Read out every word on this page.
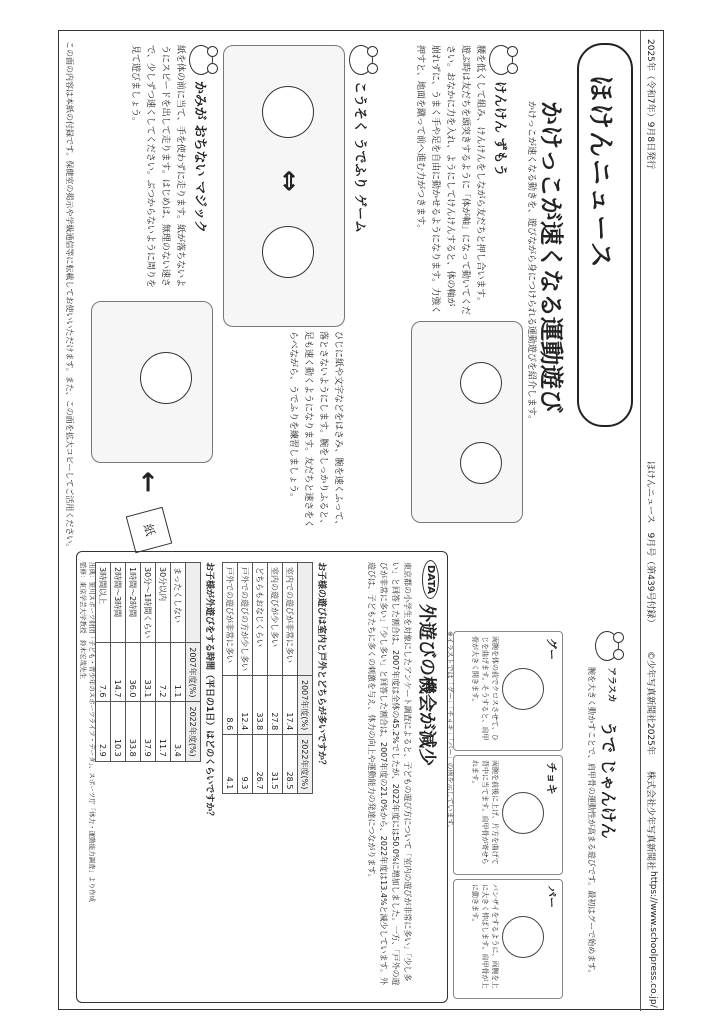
2025年（令和7年）9月8日発行
ほけんニュース　9月号（第439号付録）
©少年写真新聞社2025年
株式会社少年写真新聞社
https://www.schoolpress.co.jp/
ほけんニュース
かけっこが速くなる運動遊び
かけっこが速くなる動きを、遊びながら身につけられる運動遊びを紹介します。
けんけん ずもう
腰を低くして組み、けんけんをしながら友だちと押し合います。
遊ぶ時は友だちを頭突きするように「体が軸」になって動いてください。おなかに力を入れ、ようにしてけんけんすると、体の軸が崩れずに、うまく手や足を自由に動かせるようになります。力強く押すと、地面を蹴って前へ進む力がつきます。
こうそく うでふり ゲーム
⇔
ひじに紙や文字などをはさみ、腕を速くふって、落とさないようにします。腕をしっかりふると、足も速く動くようになります。友だちと速さをくらべながら、うでふりを練習しましょう。
かみが おちない マジック
紙を体の前に当て、手を使わずに走ります。紙が落ちないようにスピードを出して走ります。はじめは、無理のない速さで、少しずつ速くしてください。ぶつからないように周りを見て遊びましょう。
←
紙
アラスカ
うで じゃんけん
腕を大きく動かすことで、肩甲骨の運動性が高まる遊びです。最初はグーで始めます。
グー
両腕を体の前でクロスさせて、ひじを曲げます。そうすると、肩甲骨が大きく開きます。
チョキ
両腕を前後に上げ、片方を曲げて背中に当てます。肩甲骨が寄せられます。
パー
バンザイをするように、両腕を上に大きく伸ばします。肩甲骨が上に動きます。
※イラストでは「グー」「チョキ」「パー」の例を示しています。
DATA
外遊びの機会が減少
東京都の小学生を対象にしたアンケート調査によると、子どもの遊び方について「室内の遊びが非常に多い」「少し多い」と回答した割合は、2007年度は全体の45.2%でしたが、2022年度には50.0%に増加しました。一方、「戸外の遊びが非常に多い」「少し多い」と回答した割合は、2007年度の21.0%から、2022年度は13.4%と減少しています。外遊びは、子どもたちに多くの刺激を与え、体力の向上や運動能力の発達につながります。
お子様の遊びは室内と戸外とどちらが多いですか？
	2007年度(%)	2022年度(%)
室内での遊びが非常に多い	17.4	28.5
室内の遊びが少し多い	27.8	31.5
どちらもおなじくらい	33.8	26.7
戸外での遊びの方が少し多い	12.4	9.3
戸外での遊びが非常に多い	8.6	4.1
お子様が外遊びをする時間（平日の1日）はどのくらいですか？
	2007年度(%)	2022年度(%)
まったくしない	1.1	3.4
30分以内	7.2	11.7
30分～1時間くらい	33.1	37.9
1時間～2時間	36.0	33.8
2時間～3時間	14.7	10.3
3時間以上	7.6	2.9
出典：笹川スポーツ財団「子ども・青少年のスポーツライフ・データ」、スポーツ庁「体力・運動能力調査」より作成
監修：東京学芸大学教授　鈴木宏哉先生
この面の内容は本紙の付録です。保健室の掲示や学級通信等に転載してお使いいただけます。また、この面を拡大コピーしてご活用ください。
